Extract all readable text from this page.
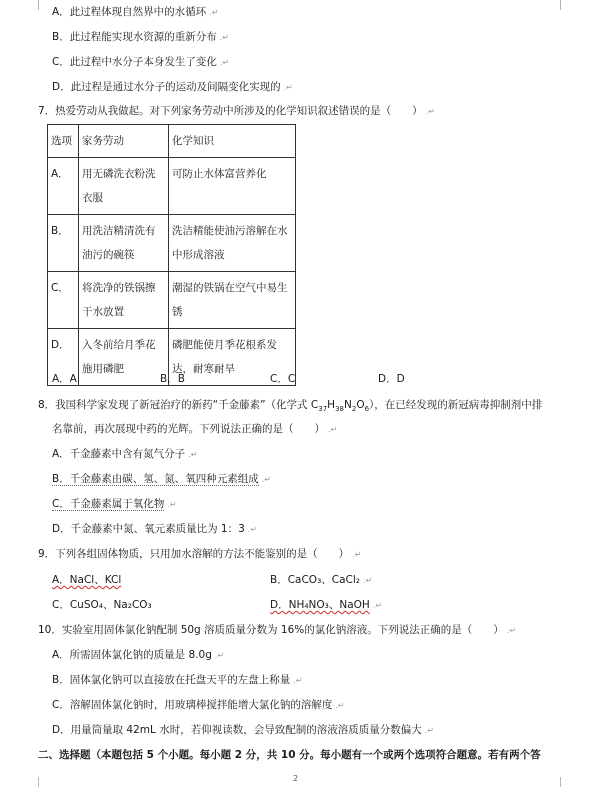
A．此过程体现自然界中的水循环 .↵
B．此过程能实现水资源的重新分布 .↵
C．此过程中水分子本身发生了变化 .↵
D．此过程是通过水分子的运动及间隔变化实现的 .↵
7．热爱劳动从我做起。对下列家务劳动中所涉及的化学知识叙述错误的是（　　） .↵
选项	家务劳动	化学知识
A．	用无磷洗衣粉洗衣服	可防止水体富营养化
B．	用洗洁精清洗有油污的碗筷	洗洁精能使油污溶解在水中形成溶液
C．	将洗净的铁锅擦干水放置	潮湿的铁锅在空气中易生锈
D．	入冬前给月季花施用磷肥	磷肥能使月季花根系发达，耐寒耐旱
A．A	B．B	C．C	D．D
8．我国科学家发现了新冠治疗的新药“千金藤素”（化学式 $C_{37}H_{38}N_2O_6$），在已经发现的新冠病毒抑制剂中排
名靠前，再次展现中药的光辉。下列说法正确的是（　　） .↵
A．千金藤素中含有氮气分子 .↵
B．千金藤素由碳、氢、氮、氧四种元素组成 .↵
C．千金藤素属于氧化物 .↵
D．千金藤素中氮、氧元素质量比为 1：3 .↵
9．下列各组固体物质，只用加水溶解的方法不能鉴别的是（　　） .↵
A．NaCl、KCl	B．CaCO₃、CaCl₂ .↵
C．CuSO₄、Na₂CO₃	D．NH₄NO₃、NaOH .↵
10．实验室用固体氯化钠配制 50g 溶质质量分数为 16%的氯化钠溶液。下列说法正确的是（　　） .↵
A．所需固体氯化钠的质量是 8.0g .↵
B．固体氯化钠可以直接放在托盘天平的左盘上称量 .↵
C．溶解固体氯化钠时，用玻璃棒搅拌能增大氯化钠的溶解度 .↵
D．用量筒量取 42mL 水时，若仰视读数，会导致配制的溶液溶质质量分数偏大 .↵
二、选择题（本题包括 5 个小题。每小题 2 分，共 10 分。每小题有一个或两个选项符合题意。若有两个答
2
